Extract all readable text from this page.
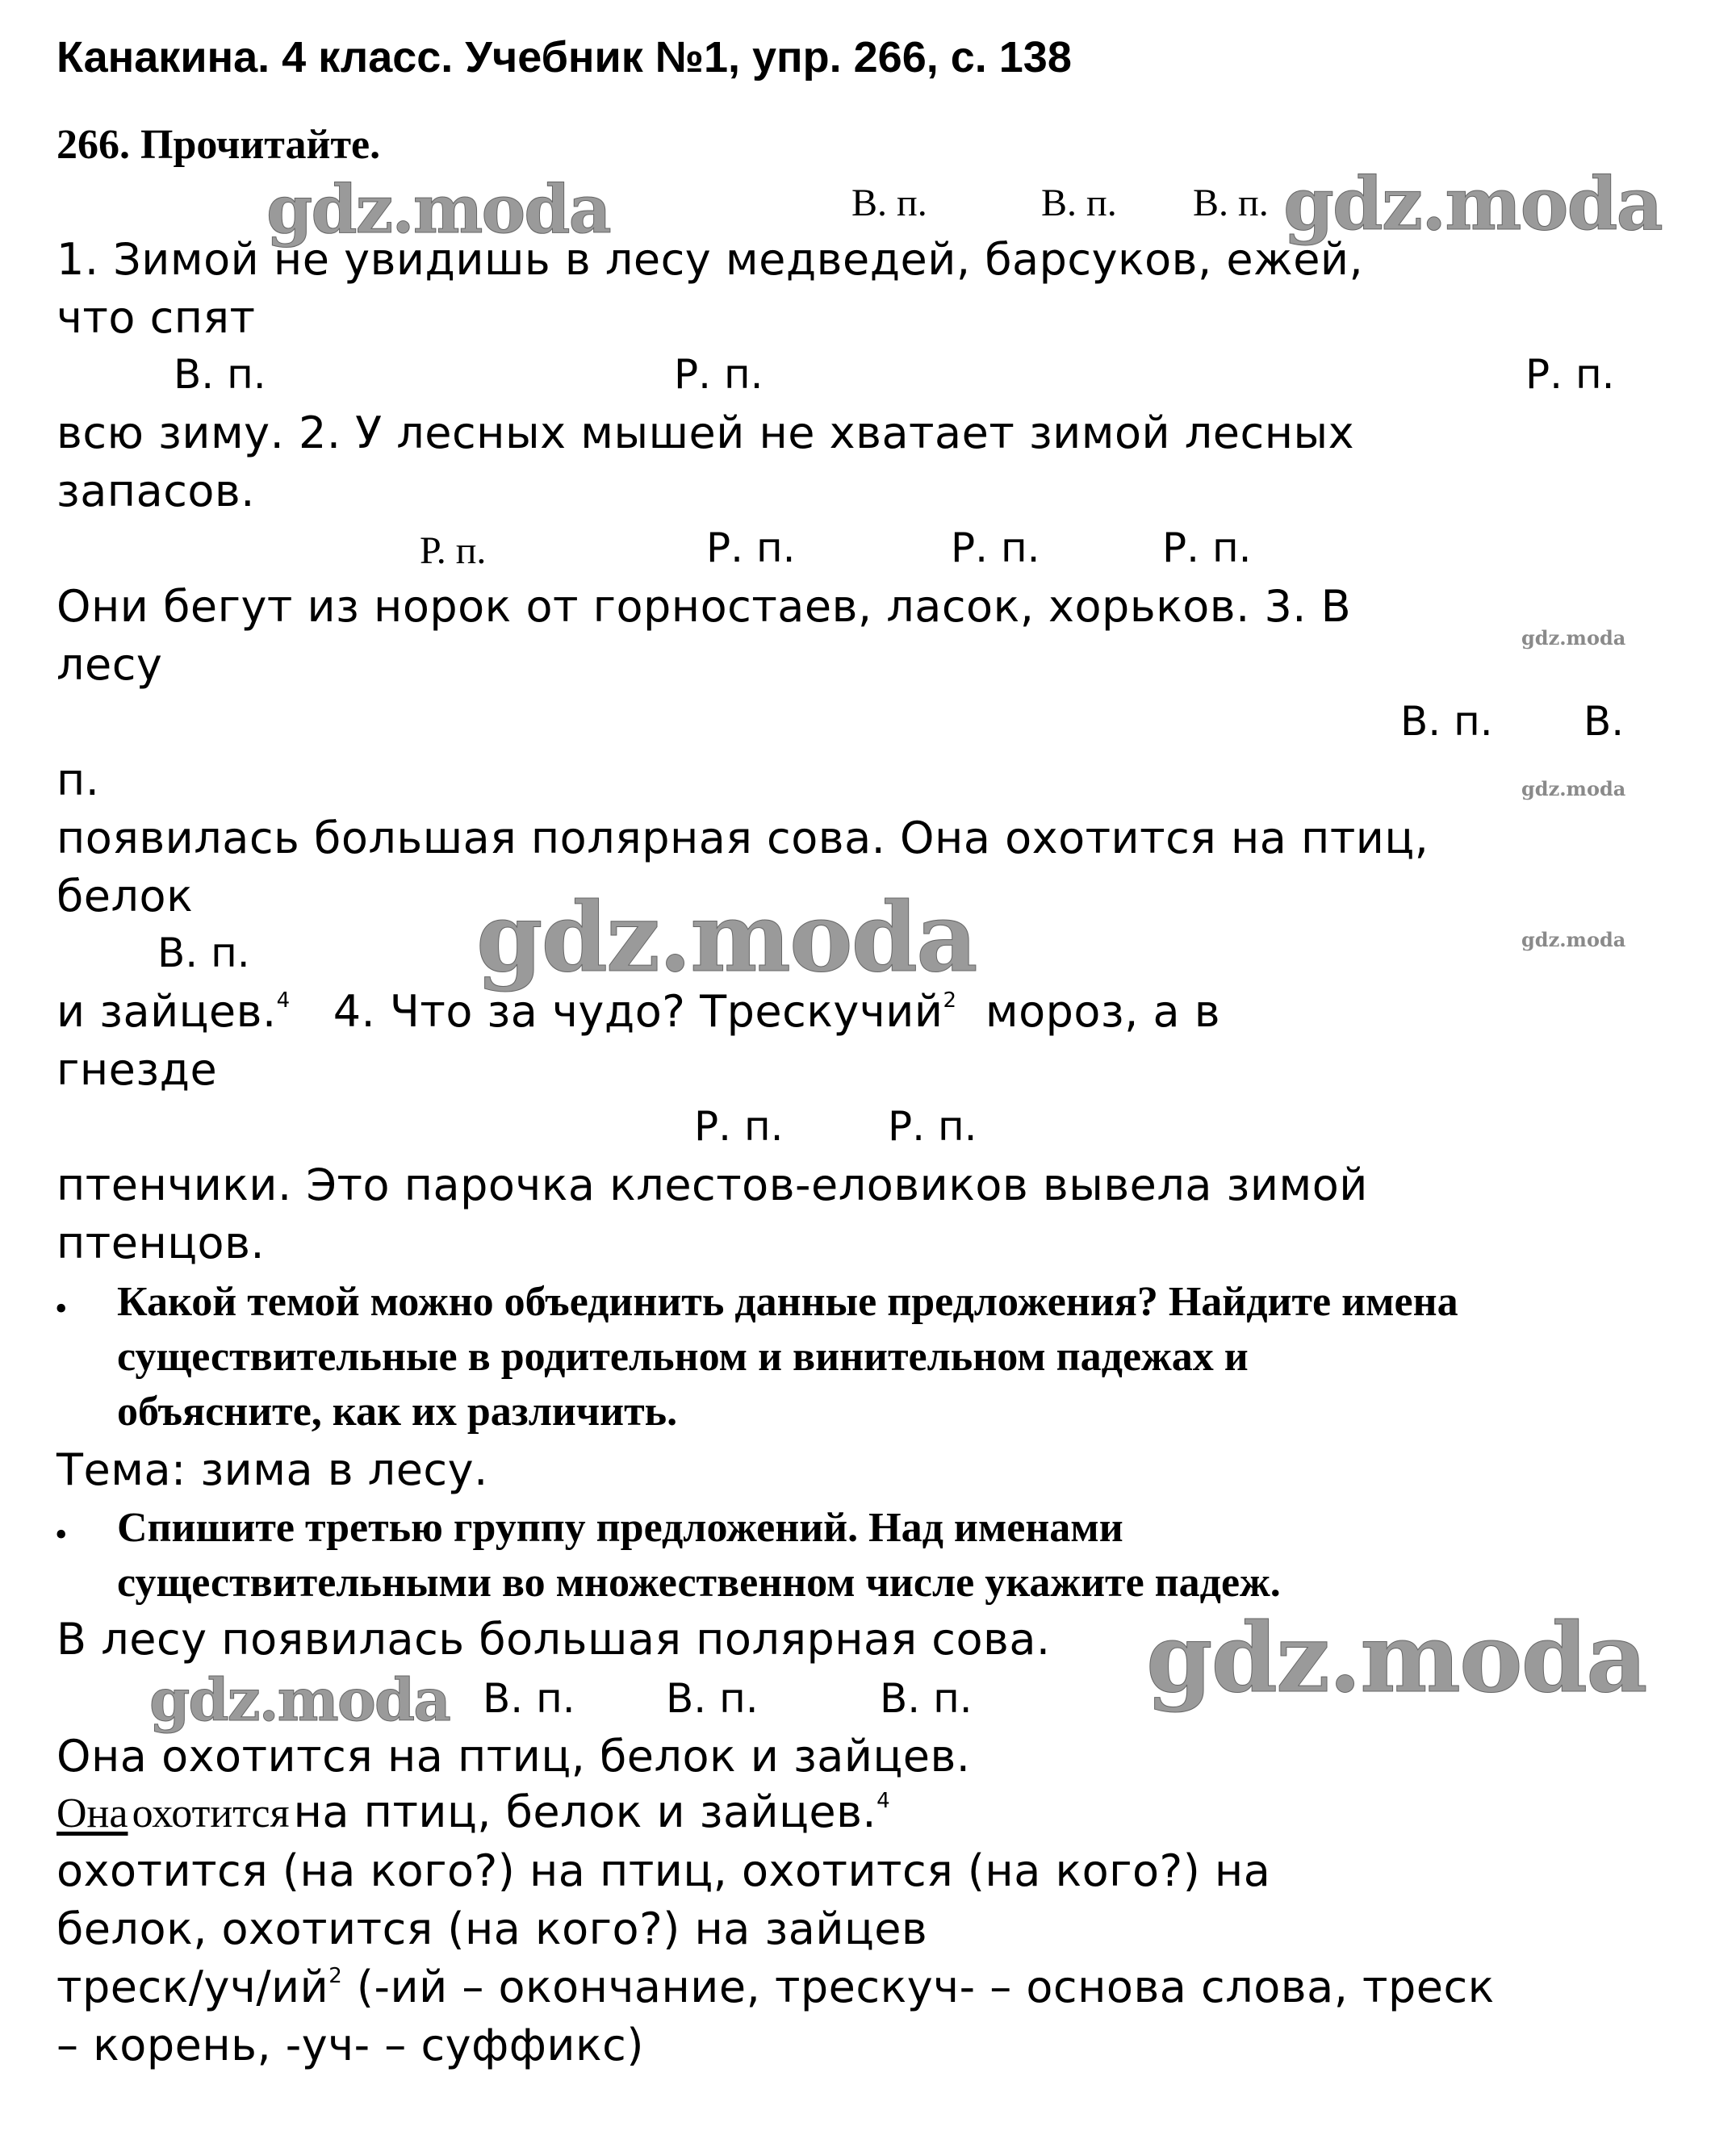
Канакина. 4 класс. Учебник №1, упр. 266, с. 138
266. Прочитайте.
gdz.moda	gdz.moda
gdz.moda
gdz.moda
gdz.moda
gdz.moda
gdz.moda
gdz.moda
В. п.	В. п. В. п.
1. Зимой не увидишь в лесу медведей, барсуков, ежей,
что спят
В. п.	Р. п.	Р. п.
всю зиму. 2. У лесных мышей не хватает зимой лесных
запасов.
Р. п.	Р. п.	Р. п.	Р. п.
Они бегут из норок от горностаев, ласок, хорьков. 3. В
лесу
В. п. В.
п.
появилась большая полярная сова. Она охотится на птиц,
белок
В. п.
и зайцев.$^4$ 4. Что за чудо? Трескучий$^2$ мороз, а в
гнезде
Р. п.	Р. п.
птенчики. Это парочка клестов-еловиков вывела зимой
птенцов.
• Какой темой можно объединить данные предложения? Найдите имена
существительные в родительном и винительном падежах и
объясните, как их различить.
Тема: зима в лесу.
• Спишите третью группу предложений. Над именами
существительными во множественном числе укажите падеж.
В лесу появилась большая полярная сова.
В. п. В. п.	В. п.
Она охотится на птиц, белок и зайцев.
Она охотится на птиц, белок и зайцев.$^4$
охотится (на кого?) на птиц, охотится (на кого?) на
белок, охотится (на кого?) на зайцев
треск/$уч/ий^2$ (-ий – окончание, трескуч- – основа слова, треск
– корень, -уч- – суффикс)
